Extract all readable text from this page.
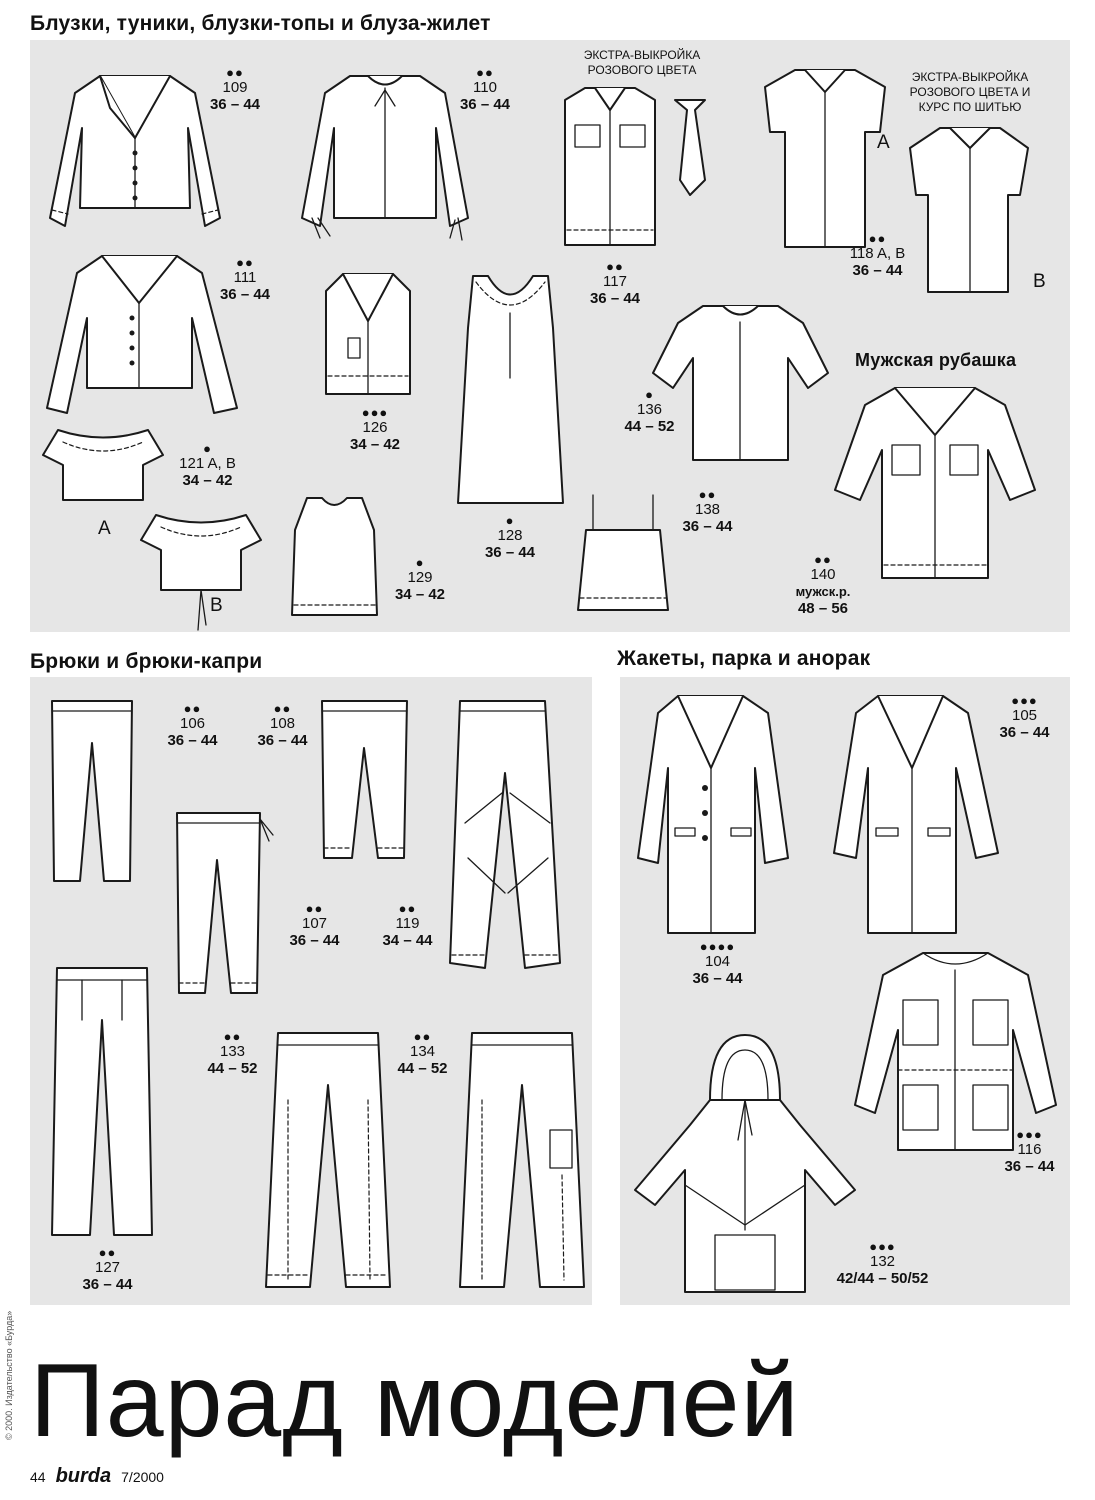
Блузки, туники, блузки-топы и блуза-жилет
Брюки и брюки-капри	Жакеты, парка и анорак
●●
109
36 – 44
●●
110
36 – 44
ЭКСТРА-ВЫКРОЙКА РОЗОВОГО ЦВЕТА
●●
117
36 – 44
ЭКСТРА-ВЫКРОЙКА РОЗОВОГО ЦВЕТА И КУРС ПО ШИТЬЮ
A
B
●●
118 A, B
36 – 44
●●
111
36 – 44
●●●
126
34 – 42
●
128
36 – 44
●
136
44 – 52
Мужская рубашка
●●
140
мужск.р.
48 – 56
A
B
●
121 A, B
34 – 42
●
129
34 – 42
●●
138
36 – 44
●●
106
36 – 44
●●
108
36 – 44
●●
107
36 – 44
●●
119
34 – 44
●●
127
36 – 44
●●
133
44 – 52
●●
134
44 – 52
●●●●
104
36 – 44
●●●
105
36 – 44
●●●
116
36 – 44
●●●
132
42/44 – 50/52
Парад моделей
44 burda 7/2000
© 2000. Издательство «Бурда»
